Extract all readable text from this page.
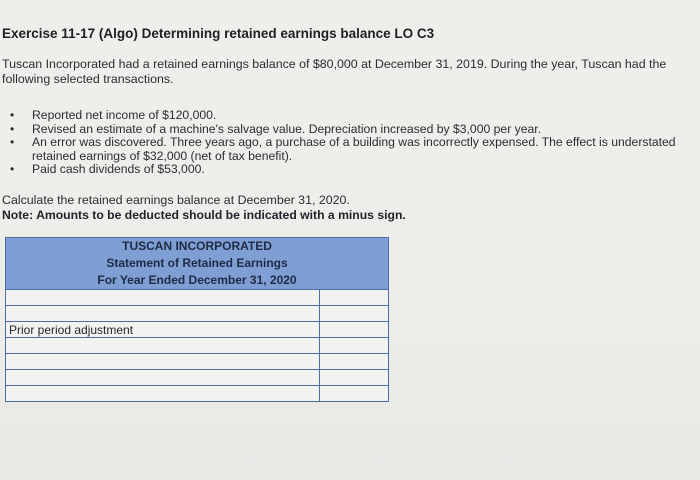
Exercise 11-17 (Algo) Determining retained earnings balance LO C3
Tuscan Incorporated had a retained earnings balance of $80,000 at December 31, 2019. During the year, Tuscan had the following selected transactions.
• Reported net income of $120,000.
• Revised an estimate of a machine's salvage value. Depreciation increased by $3,000 per year.
• An error was discovered. Three years ago, a purchase of a building was incorrectly expensed. The effect is understated retained earnings of $32,000 (net of tax benefit).
• Paid cash dividends of $53,000.
Calculate the retained earnings balance at December 31, 2020.
Note: Amounts to be deducted should be indicated with a minus sign.
TUSCAN INCORPORATED	

Statement of Retained Earnings	

For Year Ended December 31, 2020	

Prior period adjustment	
